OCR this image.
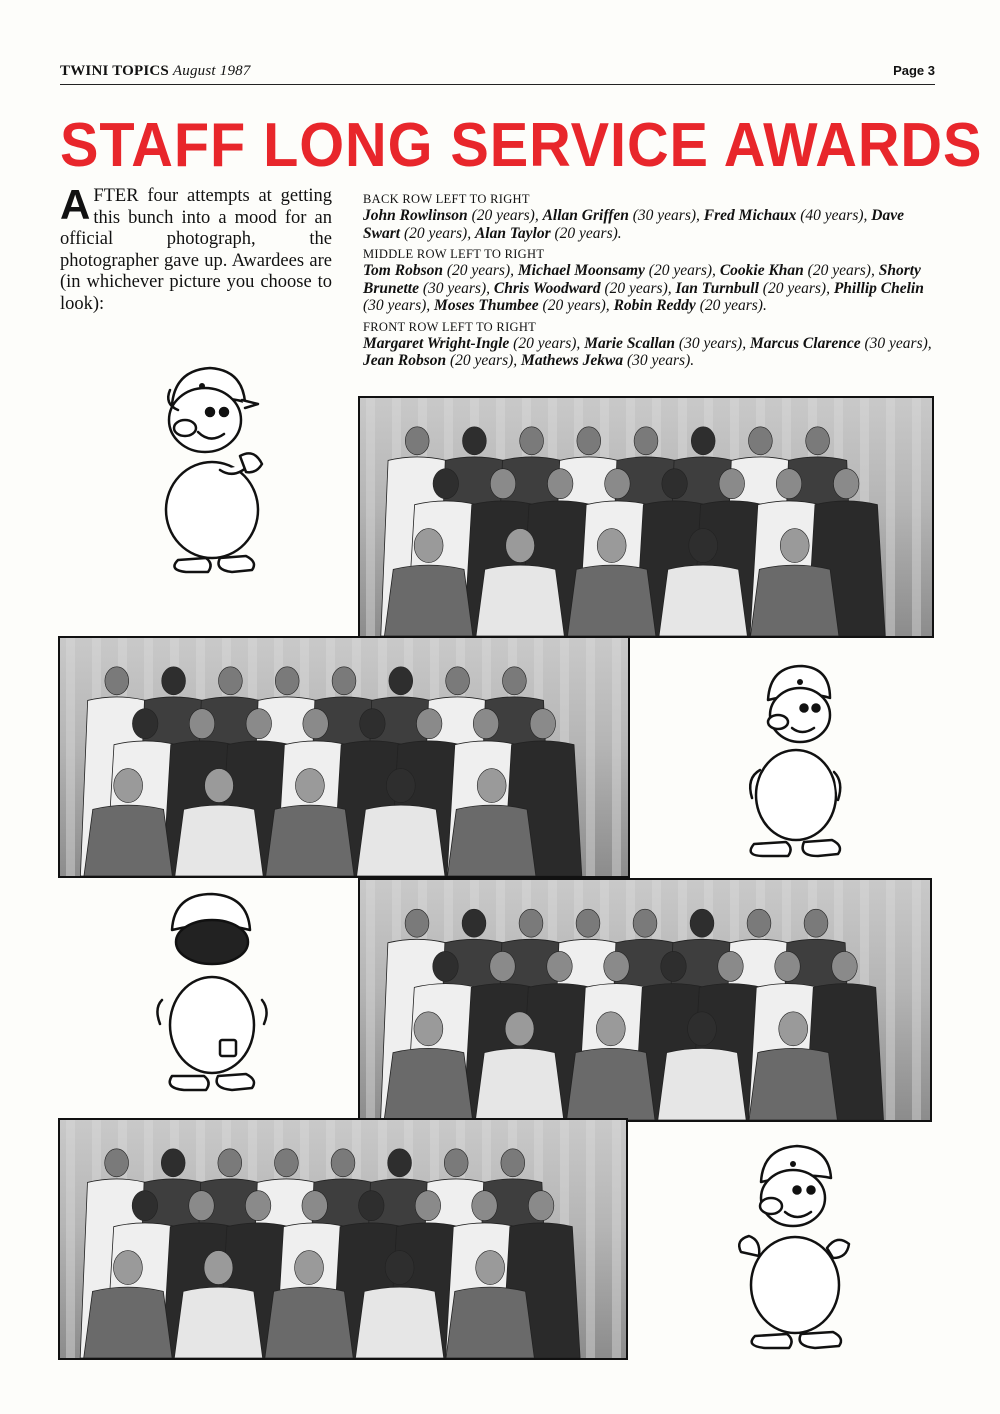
TWINI TOPICS August 1987	Page 3
STAFF LONG SERVICE AWARDS
AFTER four attempts at getting this bunch into a mood for an official photograph, the photographer gave up. Awardees are (in whichever picture you choose to look):

BACK ROW LEFT TO RIGHT

John Rowlinson (20 years), Allan Griffen (30 years), Fred Michaux (40 years), Dave Swart (20 years), Alan Taylor (20 years).

MIDDLE ROW LEFT TO RIGHT

Tom Robson (20 years), Michael Moonsamy (20 years), Cookie Khan (20 years), Shorty Brunette (30 years), Chris Woodward (20 years), Ian Turnbull (20 years), Phillip Chelin (30 years), Moses Thumbee (20 years), Robin Reddy (20 years).

FRONT ROW LEFT TO RIGHT

Margaret Wright-Ingle (20 years), Marie Scallan (30 years), Marcus Clarence (30 years), Jean Robson (20 years), Mathews Jekwa (30 years).
